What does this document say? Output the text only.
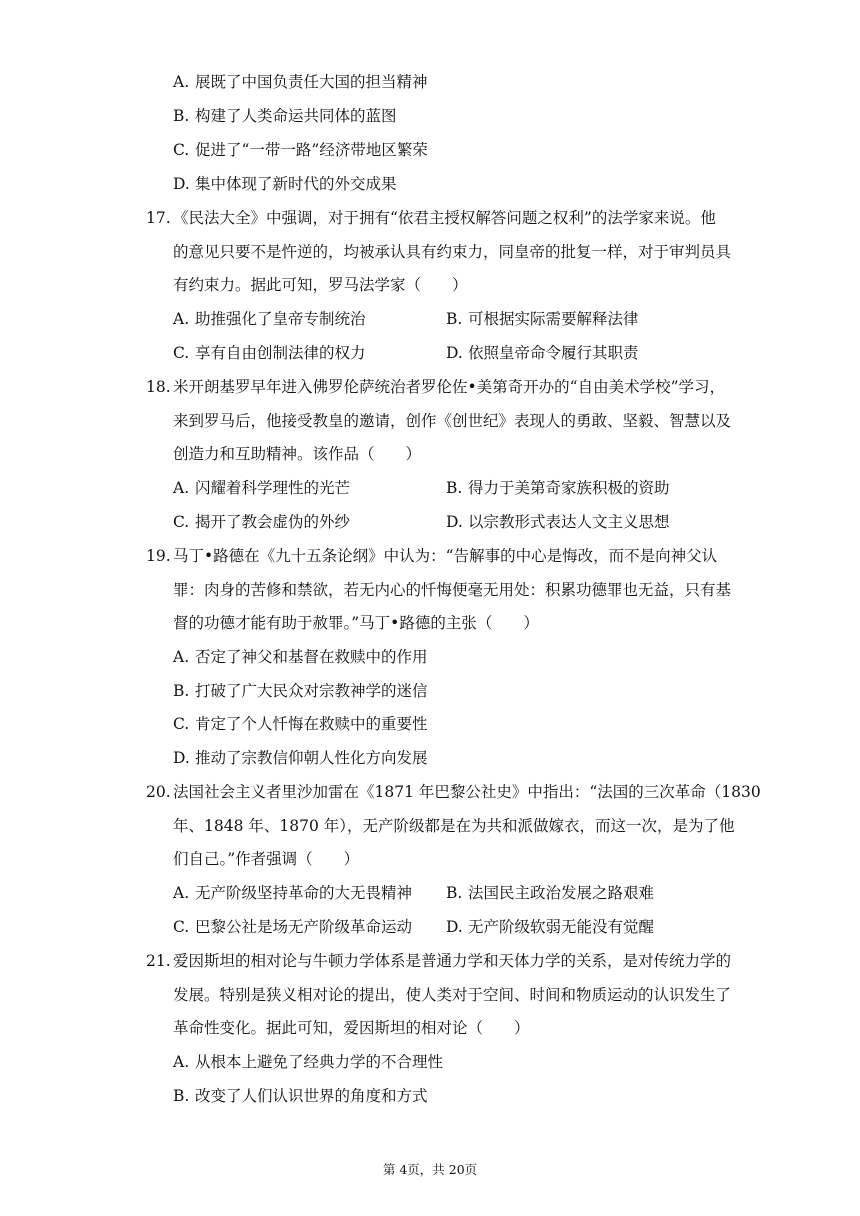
A. 展既了中国负责任大国的担当精神
B. 构建了人类命运共同体的蓝图
C. 促进了“一带一路”经济带地区繁荣
D. 集中体现了新时代的外交成果
17. 《民法大全》中强调，对于拥有“依君主授权解答问题之权利”的法学家来说。他
的意见只要不是忤逆的，均被承认具有约束力，同皇帝的批复一样，对于审判员具
有约束力。据此可知，罗马法学家（　　）
A. 助推强化了皇帝专制统治	B. 可根据实际需要解释法律
C. 享有自由创制法律的权力	D. 依照皇帝命令履行其职责
18. 米开朗基罗早年进入佛罗伦萨统治者罗伦佐•美第奇开办的“自由美术学校”学习，
来到罗马后，他接受教皇的邀请，创作《创世纪》表现人的勇敢、坚毅、智慧以及
创造力和互助精神。该作品（　　）
A. 闪耀着科学理性的光芒	B. 得力于美第奇家族积极的资助
C. 揭开了教会虚伪的外纱	D. 以宗教形式表达人文主义思想
19. 马丁•路德在《九十五条论纲》中认为：“告解事的中心是悔改，而不是向神父认
罪：肉身的苦修和禁欲，若无内心的忏悔便毫无用处：积累功德罪也无益，只有基
督的功德才能有助于赦罪。”马丁•路德的主张（　　）
A. 否定了神父和基督在救赎中的作用
B. 打破了广大民众对宗教神学的迷信
C. 肯定了个人忏悔在救赎中的重要性
D. 推动了宗教信仰朝人性化方向发展
20. 法国社会主义者里沙加雷在《1871 年巴黎公社史》中指出：“法国的三次革命（1830
年、1848 年、1870 年），无产阶级都是在为共和派做嫁衣，而这一次，是为了他
们自己。”作者强调（　　）
A. 无产阶级坚持革命的大无畏精神 B. 法国民主政治发展之路艰难
C. 巴黎公社是场无产阶级革命运动 D. 无产阶级软弱无能没有觉醒
21. 爱因斯坦的相对论与牛顿力学体系是普通力学和天体力学的关系，是对传统力学的
发展。特别是狭义相对论的提出，使人类对于空间、时间和物质运动的认识发生了
革命性变化。据此可知，爱因斯坦的相对论（　　）
A. 从根本上避免了经典力学的不合理性
B. 改变了人们认识世界的角度和方式
第 4页，共 20页
